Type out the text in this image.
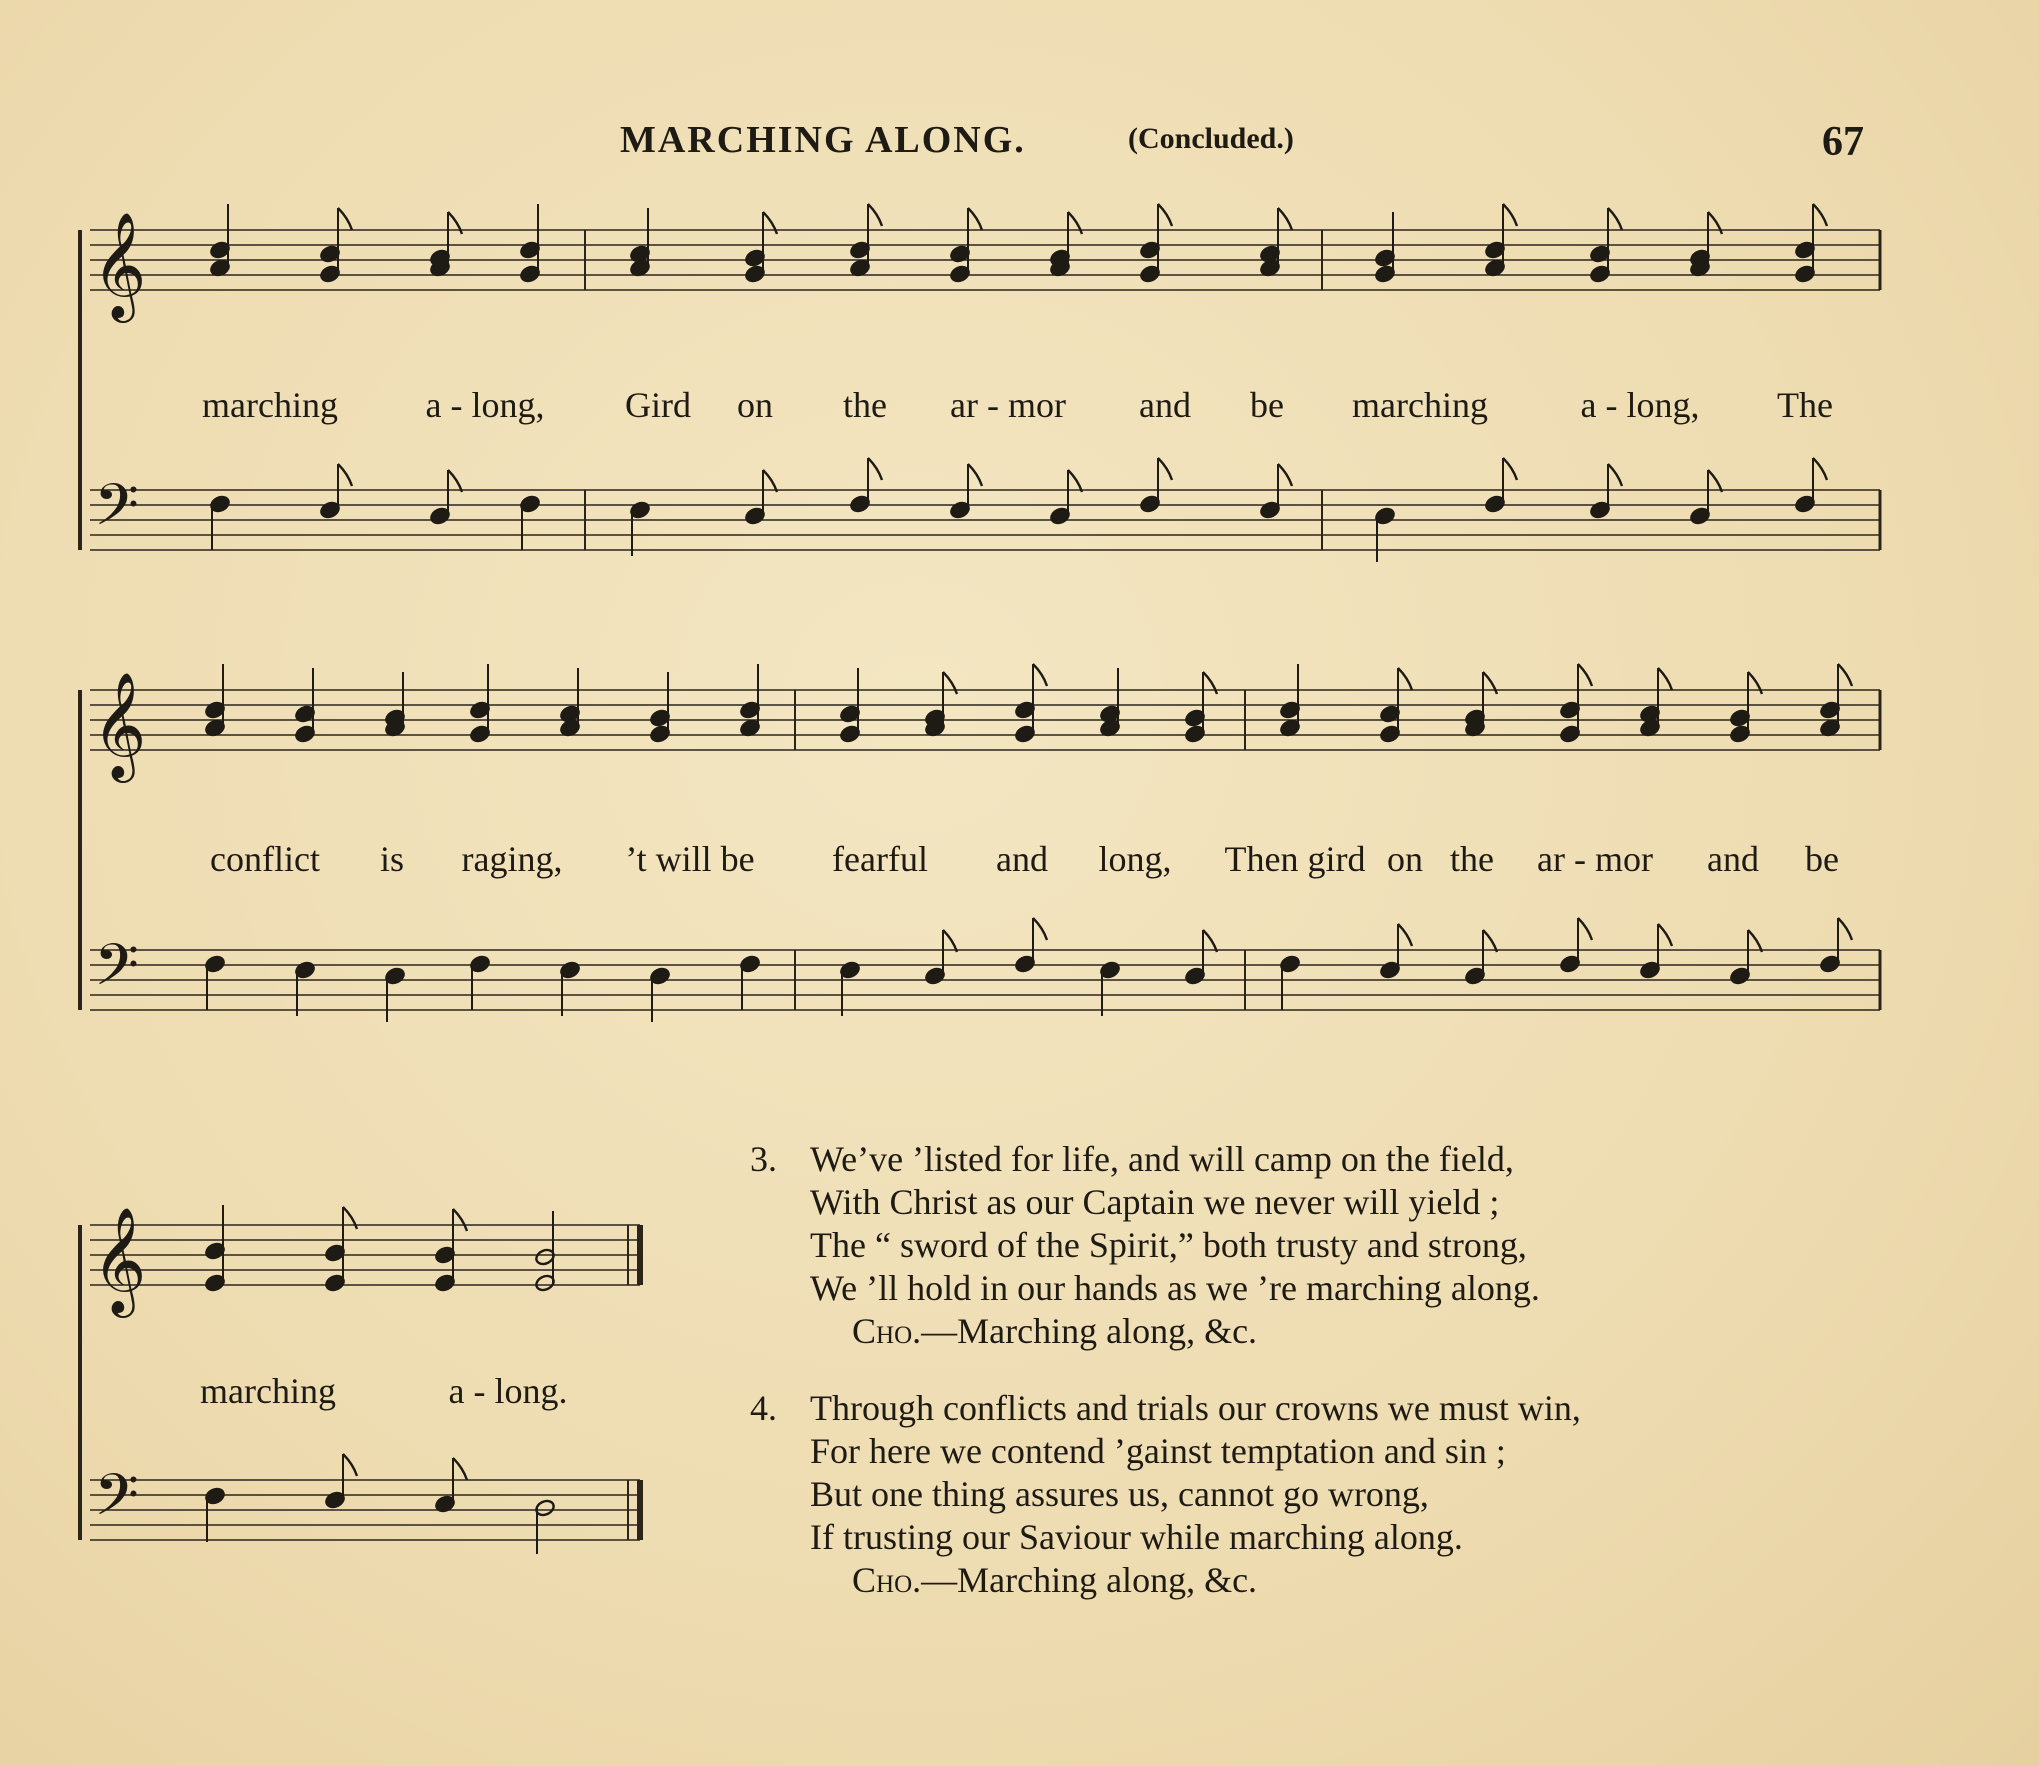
MARCHING ALONG.	(Concluded.)	67
𝄞
𝄢
marching a - long, Gird on the ar - mor and be marching	a - long, The
𝄞
𝄢
conflict is raging, ’t will be fearful and long, Then gird on the ar - mor and be
𝄞
𝄢
marching	a - long.
3. We’ve ’listed for life, and will camp on the field,
With Christ as our Captain we never will yield ;
The “ sword of the Spirit,” both trusty and strong,
We ’ll hold in our hands as we ’re marching along.
Cho.—Marching along, &c.
4. Through conflicts and trials our crowns we must win,
For here we contend ’gainst temptation and sin ;
But one thing assures us, cannot go wrong,
If trusting our Saviour while marching along.
Cho.—Marching along, &c.
